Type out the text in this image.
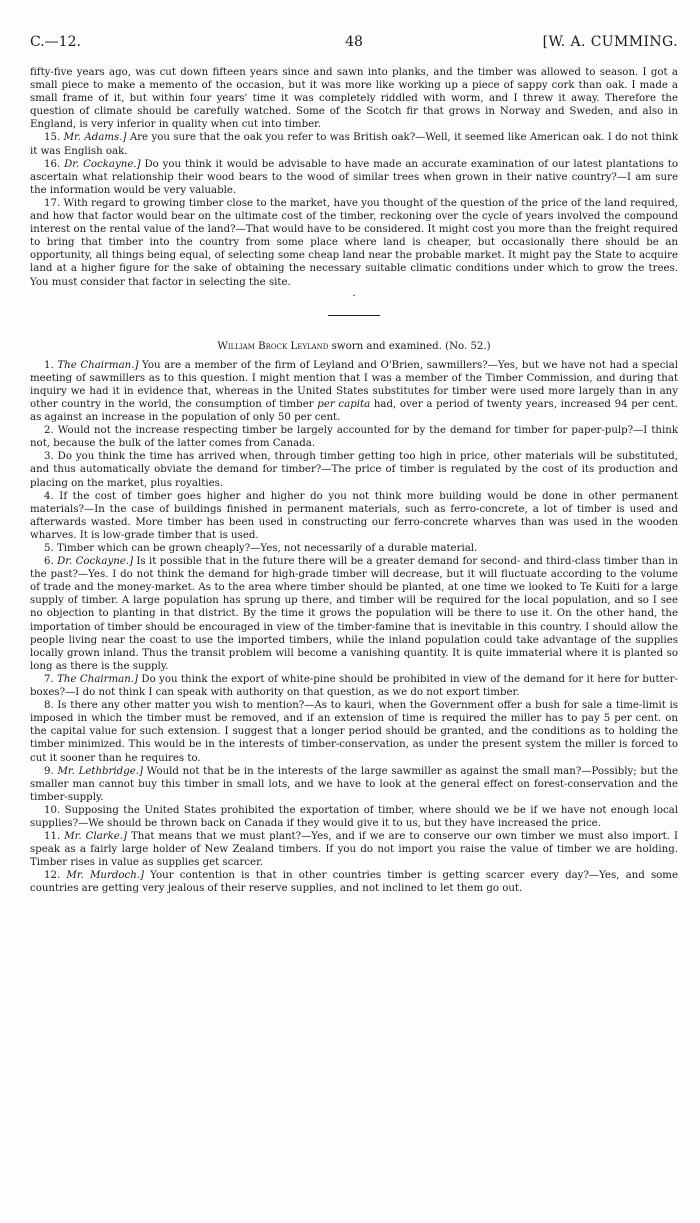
C.—12.	48	[W. A. CUMMING.

fifty-five years ago, was cut down fifteen years since and sawn into planks, and the timber was allowed to season. I got a small piece to make a memento of the occasion, but it was more like working up a piece of sappy cork than oak. I made a small frame of it, but within four years' time it was completely riddled with worm, and I threw it away. Therefore the question of climate should be carefully watched. Some of the Scotch fir that grows in Norway and Sweden, and also in England, is very inferior in quality when cut into timber.

15. Mr. Adams.] Are you sure that the oak you refer to was British oak?—Well, it seemed like American oak. I do not think it was English oak.

16. Dr. Cockayne.] Do you think it would be advisable to have made an accurate examination of our latest plantations to ascertain what relationship their wood bears to the wood of similar trees when grown in their native country?—I am sure the information would be very valuable.

17. With regard to growing timber close to the market, have you thought of the question of the price of the land required, and how that factor would bear on the ultimate cost of the timber, reckoning over the cycle of years involved the compound interest on the rental value of the land?—That would have to be considered. It might cost you more than the freight required to bring that timber into the country from some place where land is cheaper, but occasionally there should be an opportunity, all things being equal, of selecting some cheap land near the probable market. It might pay the State to acquire land at a higher figure for the sake of obtaining the necessary suitable climatic conditions under which to grow the trees. You must consider that factor in selecting the site.

·
William Brock Leyland sworn and examined. (No. 52.)

1. The Chairman.] You are a member of the firm of Leyland and O'Brien, sawmillers?—Yes, but we have not had a special meeting of sawmillers as to this question. I might mention that I was a member of the Timber Commission, and during that inquiry we had it in evidence that, whereas in the United States substitutes for timber were used more largely than in any other country in the world, the consumption of timber per capita had, over a period of twenty years, increased 94 per cent. as against an increase in the population of only 50 per cent.

2. Would not the increase respecting timber be largely accounted for by the demand for timber for paper-pulp?—I think not, because the bulk of the latter comes from Canada.

3. Do you think the time has arrived when, through timber getting too high in price, other materials will be substituted, and thus automatically obviate the demand for timber?—The price of timber is regulated by the cost of its production and placing on the market, plus royalties.

4. If the cost of timber goes higher and higher do you not think more building would be done in other permanent materials?—In the case of buildings finished in permanent materials, such as ferro-concrete, a lot of timber is used and afterwards wasted. More timber has been used in constructing our ferro-concrete wharves than was used in the wooden wharves. It is low-grade timber that is used.

5. Timber which can be grown cheaply?—Yes, not necessarily of a durable material.

6. Dr. Cockayne.] Is it possible that in the future there will be a greater demand for second- and third-class timber than in the past?—Yes. I do not think the demand for high-grade timber will decrease, but it will fluctuate according to the volume of trade and the money-market. As to the area where timber should be planted, at one time we looked to Te Kuiti for a large supply of timber. A large population has sprung up there, and timber will be required for the local population, and so I see no objection to planting in that district. By the time it grows the population will be there to use it. On the other hand, the importation of timber should be encouraged in view of the timber-famine that is inevitable in this country. I should allow the people living near the coast to use the imported timbers, while the inland population could take advantage of the supplies locally grown inland. Thus the transit problem will become a vanishing quantity. It is quite immaterial where it is planted so long as there is the supply.

7. The Chairman.] Do you think the export of white-pine should be prohibited in view of the demand for it here for butter-boxes?—I do not think I can speak with authority on that question, as we do not export timber.

8. Is there any other matter you wish to mention?—As to kauri, when the Government offer a bush for sale a time-limit is imposed in which the timber must be removed, and if an extension of time is required the miller has to pay 5 per cent. on the capital value for such extension. I suggest that a longer period should be granted, and the conditions as to holding the timber minimized. This would be in the interests of timber-conservation, as under the present system the miller is forced to cut it sooner than he requires to.

9. Mr. Lethbridge.] Would not that be in the interests of the large sawmiller as against the small man?—Possibly; but the smaller man cannot buy this timber in small lots, and we have to look at the general effect on forest-conservation and the timber-supply.

10. Supposing the United States prohibited the exportation of timber, where should we be if we have not enough local supplies?—We should be thrown back on Canada if they would give it to us, but they have increased the price.

11. Mr. Clarke.] That means that we must plant?—Yes, and if we are to conserve our own timber we must also import. I speak as a fairly large holder of New Zealand timbers. If you do not import you raise the value of timber we are holding. Timber rises in value as supplies get scarcer.

12. Mr. Murdoch.] Your contention is that in other countries timber is getting scarcer every day?—Yes, and some countries are getting very jealous of their reserve supplies, and not inclined to let them go out.
